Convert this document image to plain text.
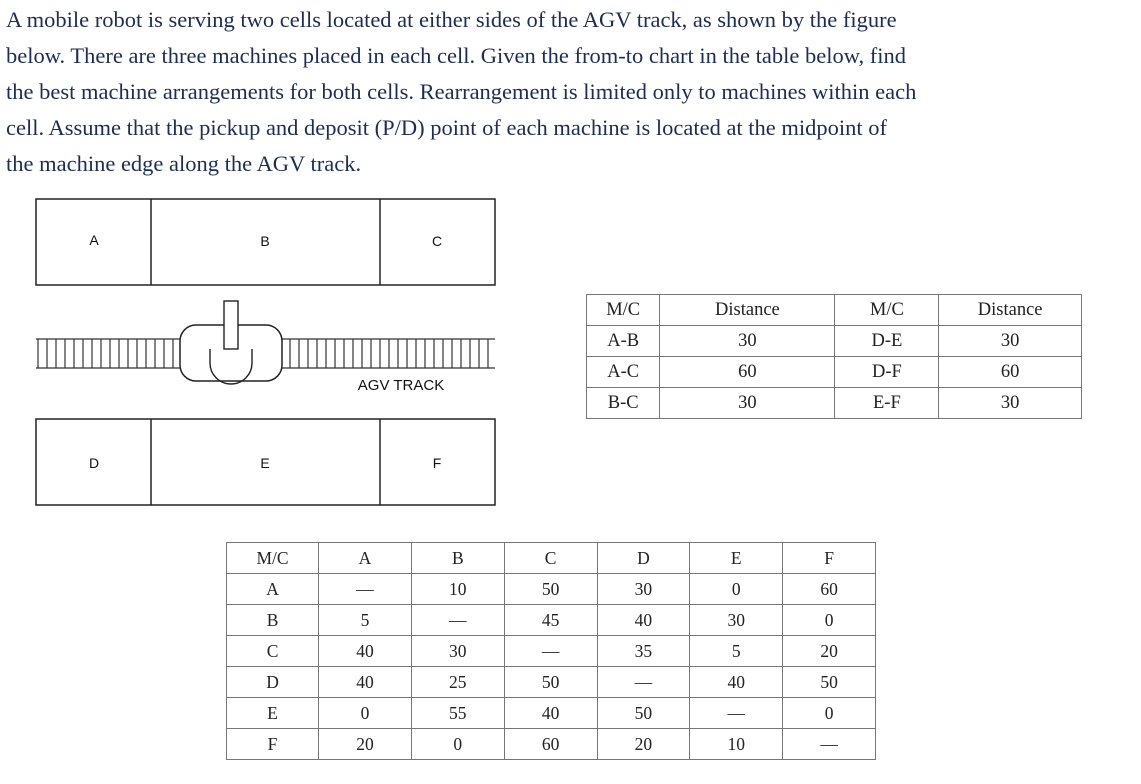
A mobile robot is serving two cells located at either sides of the AGV track, as shown by the figure
below. There are three machines placed in each cell. Given the from-to chart in the table below, find
the best machine arrangements for both cells. Rearrangement is limited only to machines within each
cell. Assume that the pickup and deposit (P/D) point of each machine is located at the midpoint of
the machine edge along the AGV track.
A	B	C
D	E	F
AGV TRACK
M/C	Distance	M/C	Distance
A-B	30	D-E	30
A-C	60	D-F	60
B-C	30	E-F	30
M/C	A	B	C	D	E	F
A	—	10	50	30	0	60
B	5	—	45	40	30	0
C	40	30	—	35	5	20
D	40	25	50	—	40	50
E	0	55	40	50	—	0
F	20	0	60	20	10	—
